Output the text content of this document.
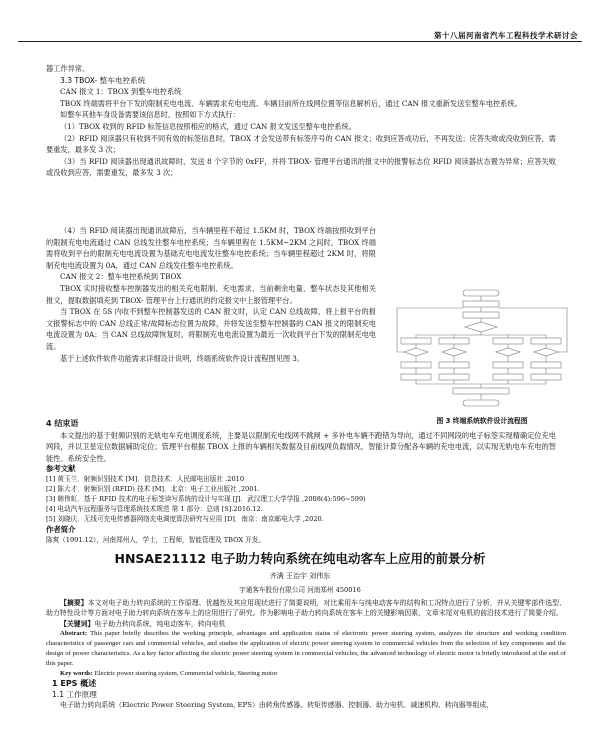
第十八届河南省汽车工程科技学术研讨会

器工作异常。

3.3 TBOX- 整车电控系统

CAN 报文 1：TBOX 到整车电控系统

TBOX 终端需将平台下发的限制充电电流、车辆需求充电电流、车辆目前所在线网位置等信息解析后，通过 CAN 报文重新发送至整车电控系统。

如整车其他车身设备需要该信息时，按照如下方式执行：

（1）TBOX 收到的 RFID 标签信息按照相应的格式，通过 CAN 报文发送至整车电控系统。

（2）RFID 阅读器只有收到不同有效的标签信息时，TBOX 才会发送带有标签序号的 CAN 报文；收到应答成功后，不再发送；应答失败或没收到应答，需要重发，最多发 3 次；

（3）当 RFID 阅读器出现通讯故障时，发送 8 个字节的 0xFF，并将 TBOX- 管理平台通讯的报文中的报警标志位 RFID 阅读器状态置为异常；应答失败或没收到应答，需要重发，最多发 3 次；

（4）当 RFID 阅读器出现通讯故障后，当车辆里程不超过 1.5KM 时，TBOX 终端按照收到平台的限制充电电流通过 CAN 总线发往整车电控系统；当车辆里程在 1.5KM~2KM 之间时，TBOX 终端需将收到平台的限制充电电流设置为基础充电电流发往整车电控系统；当车辆里程超过 2KM 时，将限制充电电流设置为 0A，通过 CAN 总线发往整车电控系统。

CAN 报文 2：整车电控系统到 TBOX

TBOX 实时接收整车控制器发出的相关充电限制、充电需求、当前剩余电量、整车状态及其他相关报文，提取数据填充到 TBOX- 管理平台上行通讯的约定报文中上报管理平台。

当 TBOX 在 5S 内收不到整车控制器发送的 CAN 报文时，认定 CAN 总线故障，将上报平台的报文报警标志中的 CAN 总线正常/故障标志位置为故障，并将发送至整车控制器的 CAN 报文的限制充电电流设置为 0A；当 CAN 总线故障恢复时，将限制充电电流设置为最近一次收到平台下发的限制充电电流。

基于上述软件软件功能需求详细设计说明，终端系统软件设计流程图见图 3。

图 3 终端系统软件设计流程图

4 结束语

本文提出的基于射频识别的无轨电车充电调度系统，主要是以限制充电线网不跳闸 + 多补电车辆不跑错为导向，通过不同网段的电子标签实现精确定位充电网段，并以卫星定位数据辅助定位；管理平台根据 TBOX 上报的车辆相关数据及目前线网负载情况，智能计算分配各车辆的充电电流，以实现无轨电车充电的智能性、系统安全性。

参考文献

[1] 黄玉兰．射频识别技术 [M]．信息技术．人民邮电出版社 .2010

[2] 陈大才．射频识别 (RFID) 技术 [M]．北京：电子工业出版社 ,2001.

[3] 韩伟虹．基于 RFID 技术的电子标签读写系统的设计与实现 [J]．武汉理工大学学报 ,2008(4):596~599)

[4] 电动汽车远程服务与管理系统技术规范 第 1 部分：总则 [S].2016.12.

[5] 刘晓庆．无线可充电传感器网络充电调度算法研究与应用 [D]．南京：南京邮电大学 ,2020.

作者简介

陈爽（1991.12），河南郑州人，学士，工程师，智能管理及 TBOX 开发。

HNSAE21112 电子助力转向系统在纯电动客车上应用的前景分析
齐满 王治宇 刘伟东
宇通客车股份有限公司 河南郑州 450016

【摘要】本文对电子助力转向系统的工作原理、优越性及其应用现状进行了简要说明，对比乘用车与纯电动客车的结构和工况特点进行了分析，并从关键零部件选型、助力特性设计等方面对电子助力转向系统在客车上的应用进行了研究。作为影响电子助力转向系统在客车上的关键影响因素，文章末尾对电机的前沿技术进行了简要介绍。

【关键词】电子助力转向系统，纯电动客车，转向电机

Abstract: This paper briefly describes the working principle, advantages and application status of electronic power steering system, analyzes the structure and working condition characteristics of passenger cars and commercial vehicles, and studies the application of electric power steering system in commercial vehicles from the selection of key components and the design of power characteristics. As a key factor affecting the electric power steering system in commercial vehicles, the advanced technology of electric motor is briefly introduced at the end of this paper.

Key words: Electric power steering system, Commercial vehicle, Steering motor

1 EPS 概述

1.1 工作原理

电子助力转向系统（Electric Power Steering System, EPS）由转角传感器、转矩传感器、控制器、助力电机、减速机构、转向器等组成，
